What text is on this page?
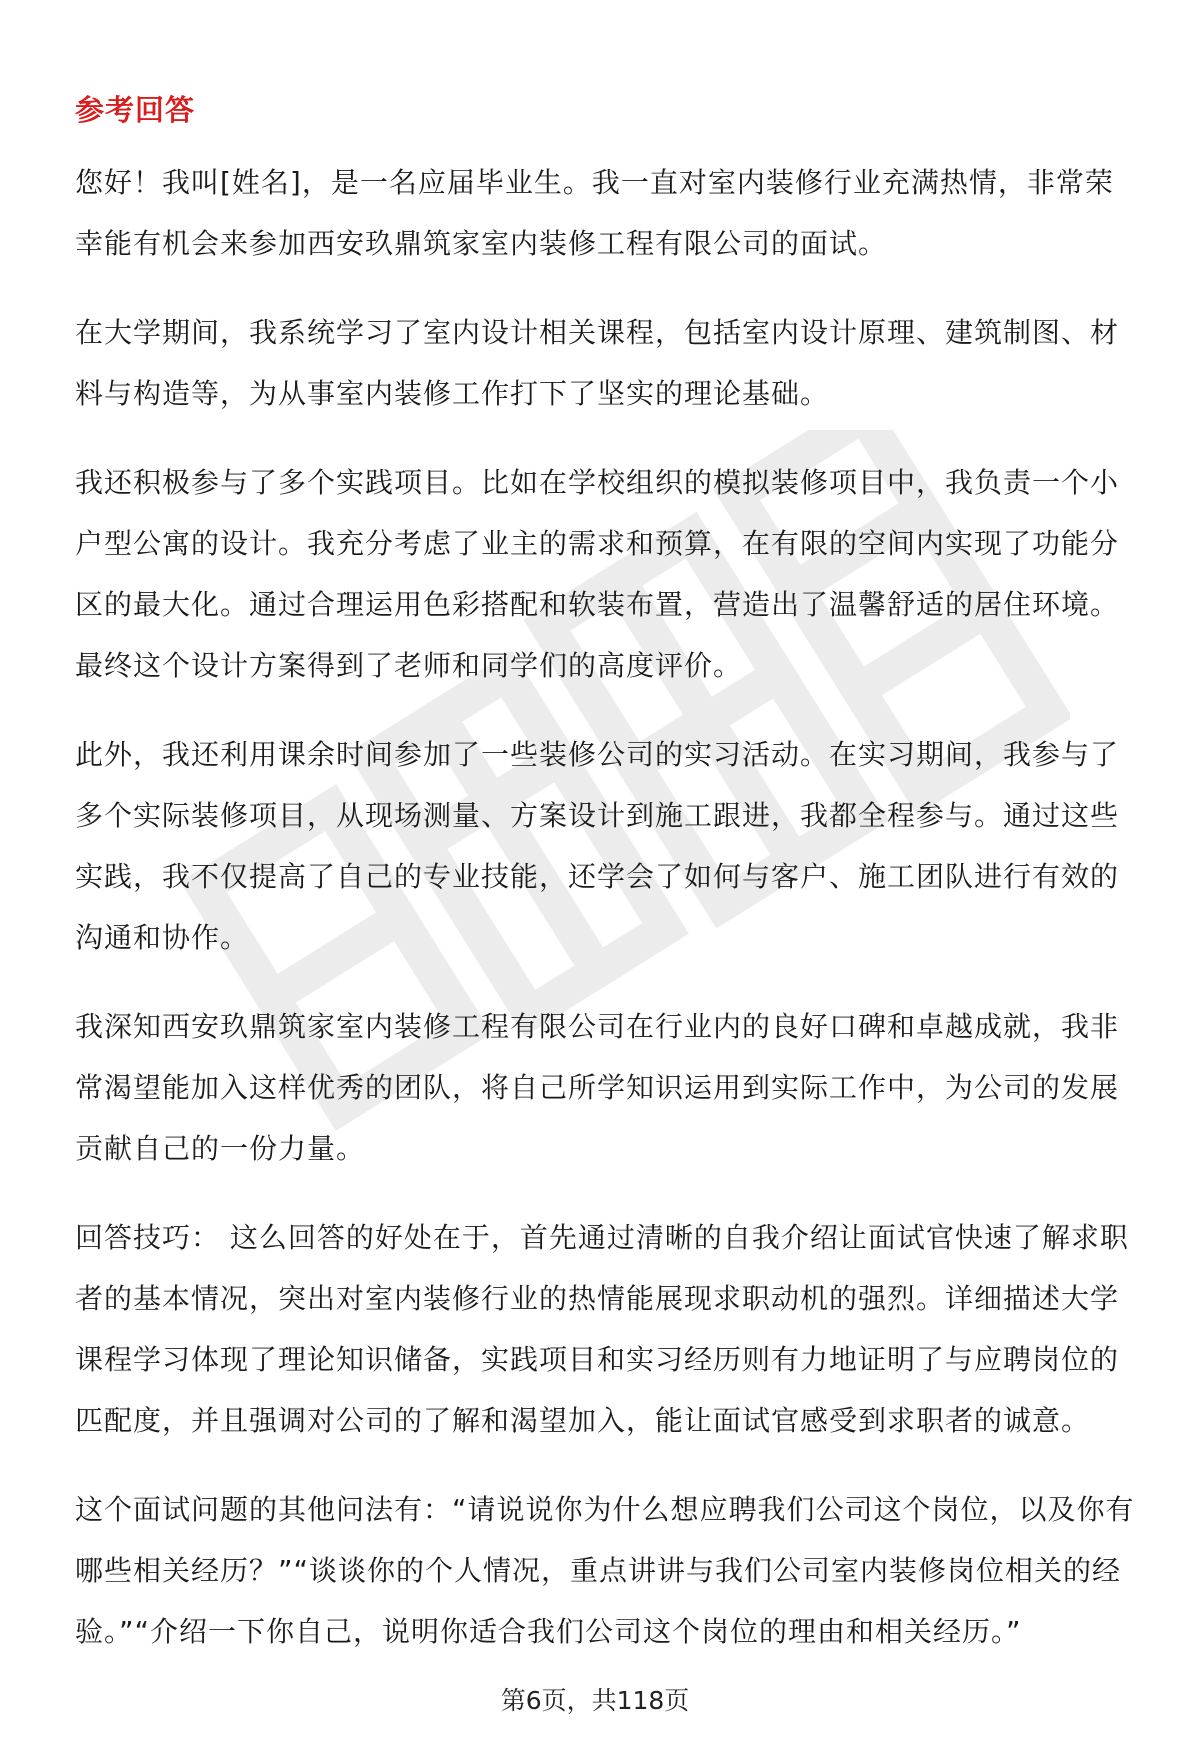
参考回答
您好！我叫[姓名]，是一名应届毕业生。我一直对室内装修行业充满热情，非常荣
幸能有机会来参加西安玖鼎筑家室内装修工程有限公司的面试。
在大学期间，我系统学习了室内设计相关课程，包括室内设计原理、建筑制图、材
料与构造等，为从事室内装修工作打下了坚实的理论基础。
我还积极参与了多个实践项目。比如在学校组织的模拟装修项目中，我负责一个小
户型公寓的设计。我充分考虑了业主的需求和预算，在有限的空间内实现了功能分
区的最大化。通过合理运用色彩搭配和软装布置，营造出了温馨舒适的居住环境。
最终这个设计方案得到了老师和同学们的高度评价。
此外，我还利用课余时间参加了一些装修公司的实习活动。在实习期间，我参与了
多个实际装修项目，从现场测量、方案设计到施工跟进，我都全程参与。通过这些
实践，我不仅提高了自己的专业技能，还学会了如何与客户、施工团队进行有效的
沟通和协作。
我深知西安玖鼎筑家室内装修工程有限公司在行业内的良好口碑和卓越成就，我非
常渴望能加入这样优秀的团队，将自己所学知识运用到实际工作中，为公司的发展
贡献自己的一份力量。
回答技巧： 这么回答的好处在于，首先通过清晰的自我介绍让面试官快速了解求职
者的基本情况，突出对室内装修行业的热情能展现求职动机的强烈。详细描述大学
课程学习体现了理论知识储备，实践项目和实习经历则有力地证明了与应聘岗位的
匹配度，并且强调对公司的了解和渴望加入，能让面试官感受到求职者的诚意。
这个面试问题的其他问法有：“请说说你为什么想应聘我们公司这个岗位，以及你有
哪些相关经历？”“谈谈你的个人情况，重点讲讲与我们公司室内装修岗位相关的经
验。”“介绍一下你自己，说明你适合我们公司这个岗位的理由和相关经历。”
第6页，共118页
